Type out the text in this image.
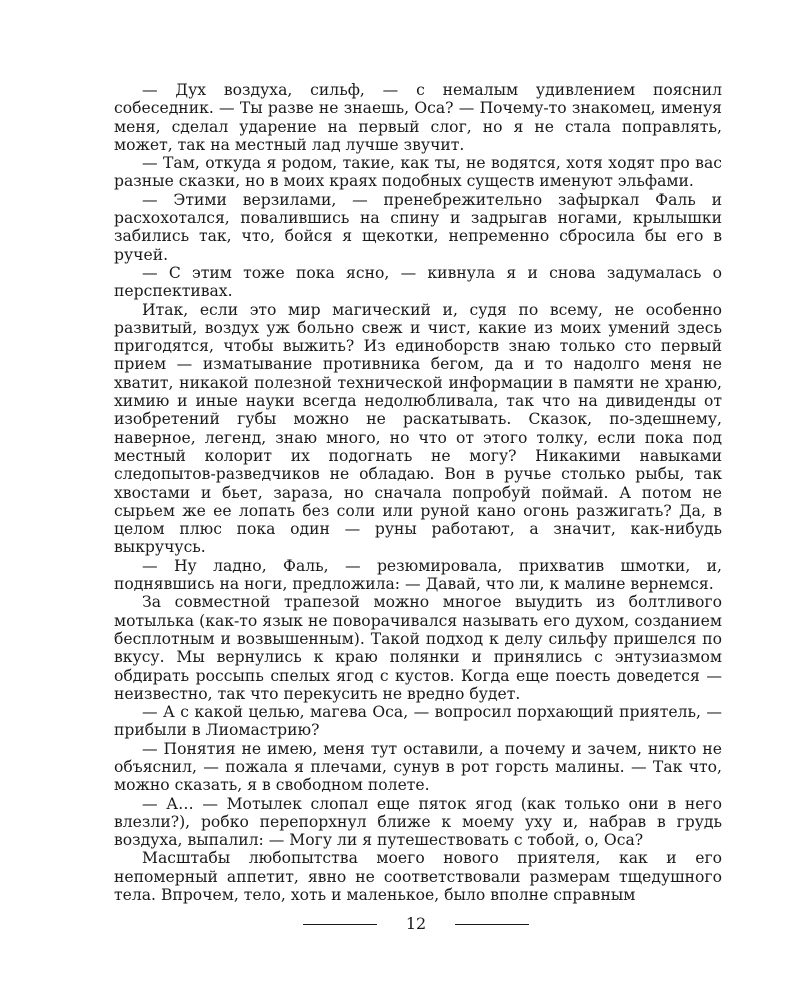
— Дух воздуха, сильф, — с немалым удивлением пояснил собеседник. — Ты разве не знаешь, Оса? — Почему-то знакомец, именуя меня, сделал ударение на первый слог, но я не стала поправлять, может, так на местный лад лучше звучит.

— Там, откуда я родом, такие, как ты, не водятся, хотя ходят про вас разные сказки, но в моих краях подобных существ именуют эльфами.

— Этими верзилами, — пренебрежительно зафыркал Фаль и расхохотался, повалившись на спину и задрыгав ногами, крылышки забились так, что, бойся я щекотки, непременно сбросила бы его в ручей.

— С этим тоже пока ясно, — кивнула я и снова задумалась о перспективах.

Итак, если это мир магический и, судя по всему, не особенно развитый, воздух уж больно свеж и чист, какие из моих умений здесь пригодятся, чтобы выжить? Из единоборств знаю только сто первый прием — изматывание противника бегом, да и то надолго меня не хватит, никакой полезной технической информации в памяти не храню, химию и иные науки всегда недолюбливала, так что на дивиденды от изобретений губы можно не раскатывать. Сказок, по-здешнему, наверное, легенд, знаю много, но что от этого толку, если пока под местный колорит их подогнать не могу? Никакими навыками следопытов-разведчиков не обладаю. Вон в ручье столько рыбы, так хвостами и бьет, зараза, но сначала попробуй поймай. А потом не сырьем же ее лопать без соли или руной кано огонь разжигать? Да, в целом плюс пока один — руны работают, а значит, как-нибудь выкручусь.

— Ну ладно, Фаль, — резюмировала, прихватив шмотки, и, поднявшись на ноги, предложила: — Давай, что ли, к малине вернемся.

За совместной трапезой можно многое выудить из болтливого мотылька (как-то язык не поворачивался называть его духом, созданием бесплотным и возвышенным). Такой подход к делу сильфу пришелся по вкусу. Мы вернулись к краю полянки и принялись с энтузиазмом обдирать россыпь спелых ягод с кустов. Когда еще поесть доведется — неизвестно, так что перекусить не вредно будет.

— А с какой целью, магева Оса, — вопросил порхающий приятель, — прибыли в Лиомастрию?

— Понятия не имею, меня тут оставили, а почему и зачем, никто не объяснил, — пожала я плечами, сунув в рот горсть малины. — Так что, можно сказать, я в свободном полете.

— А… — Мотылек слопал еще пяток ягод (как только они в него влезли?), робко перепорхнул ближе к моему уху и, набрав в грудь воздуха, выпалил: — Могу ли я путешествовать с тобой, о, Оса?

Масштабы любопытства моего нового приятеля, как и его непомерный аппетит, явно не соответствовали размерам тщедушного тела. Впрочем, тело, хоть и маленькое, было вполне справным

12
